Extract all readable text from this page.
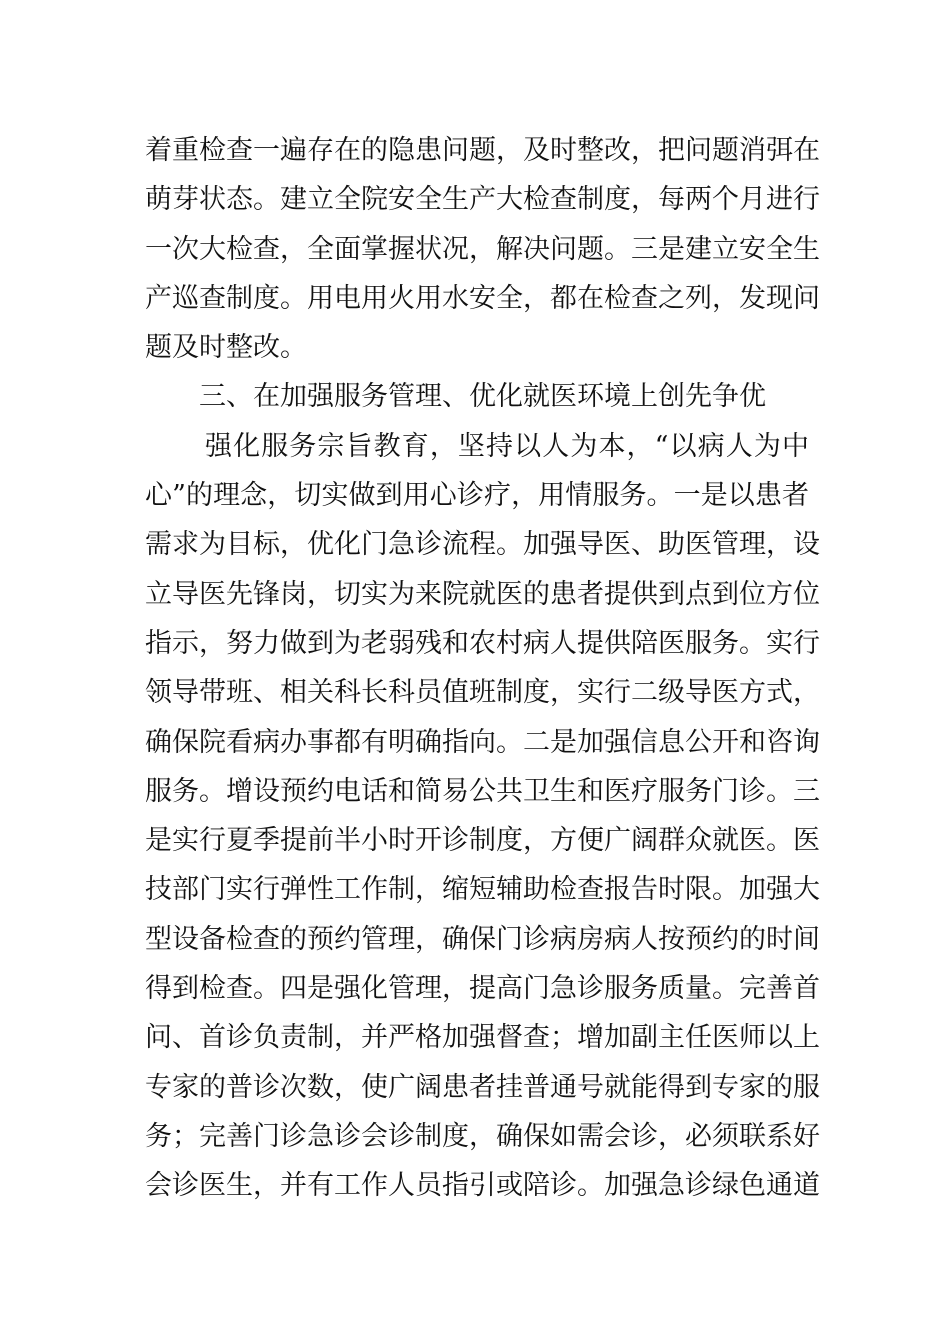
着重检查一遍存在的隐患问题，及时整改，把问题消弭在
萌芽状态。建立全院安全生产大检查制度，每两个月进行
一次大检查，全面掌握状况，解决问题。三是建立安全生
产巡查制度。用电用火用水安全，都在检查之列，发现问
题及时整改。
三、在加强服务管理、优化就医环境上创先争优
强化服务宗旨教育，坚持以人为本，“以病人为中
心”的理念，切实做到用心诊疗，用情服务。一是以患者
需求为目标，优化门急诊流程。加强导医、助医管理，设
立导医先锋岗，切实为来院就医的患者提供到点到位方位
指示，努力做到为老弱残和农村病人提供陪医服务。实行
领导带班、相关科长科员值班制度，实行二级导医方式，
确保院看病办事都有明确指向。二是加强信息公开和咨询
服务。增设预约电话和简易公共卫生和医疗服务门诊。三
是实行夏季提前半小时开诊制度，方便广阔群众就医。医
技部门实行弹性工作制，缩短辅助检查报告时限。加强大
型设备检查的预约管理，确保门诊病房病人按预约的时间
得到检查。四是强化管理，提高门急诊服务质量。完善首
问、首诊负责制，并严格加强督查；增加副主任医师以上
专家的普诊次数，使广阔患者挂普通号就能得到专家的服
务；完善门诊急诊会诊制度，确保如需会诊，必须联系好
会诊医生，并有工作人员指引或陪诊。加强急诊绿色通道
